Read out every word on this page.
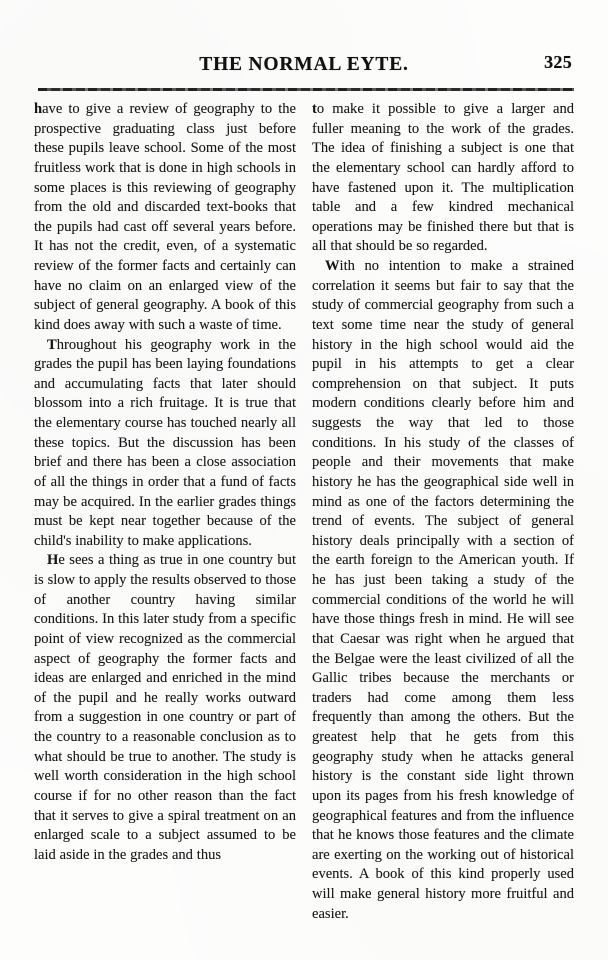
THE NORMAL EYTE.	325

have to give a review of geography to the prospective graduating class just before these pupils leave school. Some of the most fruitless work that is done in high schools in some places is this reviewing of geography from the old and discarded text-books that the pupils had cast off several years before. It has not the credit, even, of a systematic review of the former facts and certainly can have no claim on an enlarged view of the subject of general geography. A book of this kind does away with such a waste of time.

Throughout his geography work in the grades the pupil has been laying foundations and accumulating facts that later should blossom into a rich fruitage. It is true that the elementary course has touched nearly all these topics. But the discussion has been brief and there has been a close association of all the things in order that a fund of facts may be acquired. In the earlier grades things must be kept near together because of the child's inability to make applications.

He sees a thing as true in one country but is slow to apply the results observed to those of another country having similar conditions. In this later study from a specific point of view recognized as the commercial aspect of geography the former facts and ideas are enlarged and enriched in the mind of the pupil and he really works outward from a suggestion in one country or part of the country to a reasonable conclusion as to what should be true to another. The study is well worth consideration in the high school course if for no other reason than the fact that it serves to give a spiral treatment on an enlarged scale to a subject assumed to be laid aside in the grades and thus

to make it possible to give a larger and fuller meaning to the work of the grades. The idea of finishing a subject is one that the elementary school can hardly afford to have fastened upon it. The multiplication table and a few kindred mechanical operations may be finished there but that is all that should be so regarded.

With no intention to make a strained correlation it seems but fair to say that the study of commercial geography from such a text some time near the study of general history in the high school would aid the pupil in his attempts to get a clear comprehension on that subject. It puts modern conditions clearly before him and suggests the way that led to those conditions. In his study of the classes of people and their movements that make history he has the geographical side well in mind as one of the factors determining the trend of events. The subject of general history deals principally with a section of the earth foreign to the American youth. If he has just been taking a study of the commercial conditions of the world he will have those things fresh in mind. He will see that Caesar was right when he argued that the Belgae were the least civilized of all the Gallic tribes because the merchants or traders had come among them less frequently than among the others. But the greatest help that he gets from this geography study when he attacks general history is the constant side light thrown upon its pages from his fresh knowledge of geographical features and from the influence that he knows those features and the climate are exerting on the working out of historical events. A book of this kind properly used will make general history more fruitful and easier.
